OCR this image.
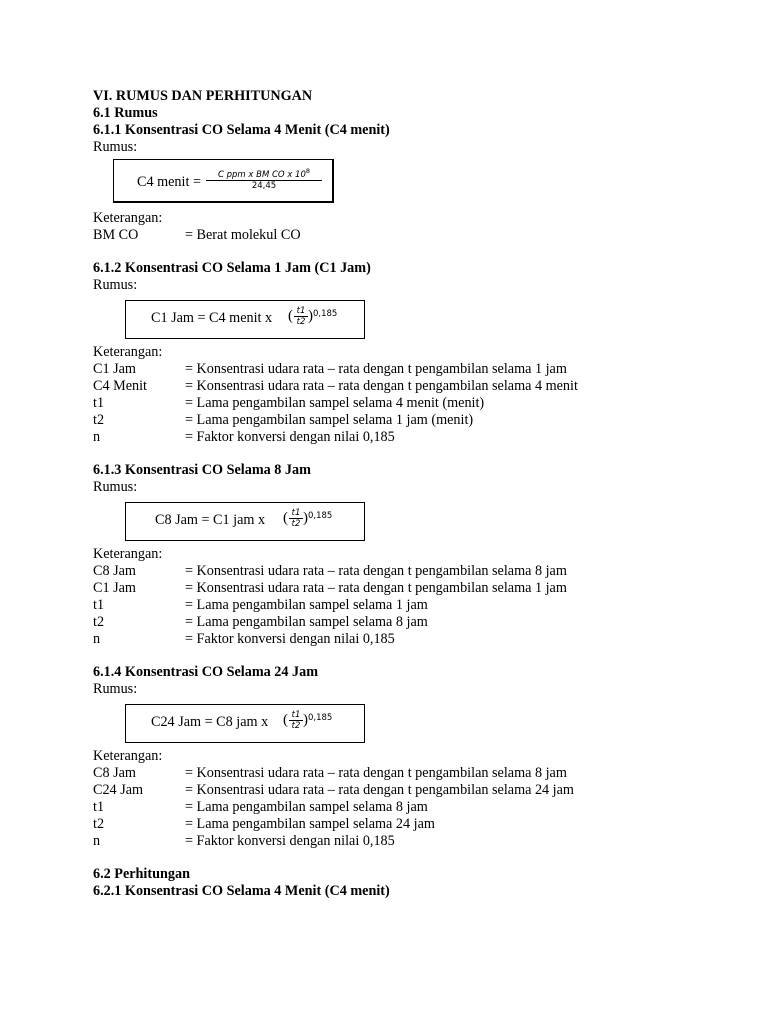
VI. RUMUS DAN PERHITUNGAN
6.1 Rumus
6.1.1 Konsentrasi CO Selama 4 Menit (C4 menit)
Rumus:
C4 menit =	C ppm x BM CO x $10^8$
24,45
Keterangan:
BM CO	= Berat molekul CO
6.1.2 Konsentrasi CO Selama 1 Jam (C1 Jam)
Rumus:
C1 Jam = C4 menit x ( $\frac{t1}{t2}$ ) 0,185
Keterangan:
C1 Jam	= Konsentrasi udara rata – rata dengan t pengambilan selama 1 jam
C4 Menit	= Konsentrasi udara rata – rata dengan t pengambilan selama 4 menit
t1	= Lama pengambilan sampel selama 4 menit (menit)
t2	= Lama pengambilan sampel selama 1 jam (menit)
n	= Faktor konversi dengan nilai 0,185
6.1.3 Konsentrasi CO Selama 8 Jam
Rumus:
C8 Jam = C1 jam x ( $\frac{t1}{t2}$ ) 0,185
Keterangan:
C8 Jam	= Konsentrasi udara rata – rata dengan t pengambilan selama 8 jam
C1 Jam	= Konsentrasi udara rata – rata dengan t pengambilan selama 1 jam
t1	= Lama pengambilan sampel selama 1 jam
t2	= Lama pengambilan sampel selama 8 jam
n	= Faktor konversi dengan nilai 0,185
6.1.4 Konsentrasi CO Selama 24 Jam
Rumus:
C24 Jam = C8 jam x ( $\frac{t1}{t2}$ ) 0,185
Keterangan:
C8 Jam	= Konsentrasi udara rata – rata dengan t pengambilan selama 8 jam
C24 Jam	= Konsentrasi udara rata – rata dengan t pengambilan selama 24 jam
t1	= Lama pengambilan sampel selama 8 jam
t2	= Lama pengambilan sampel selama 24 jam
n	= Faktor konversi dengan nilai 0,185
6.2 Perhitungan
6.2.1 Konsentrasi CO Selama 4 Menit (C4 menit)
